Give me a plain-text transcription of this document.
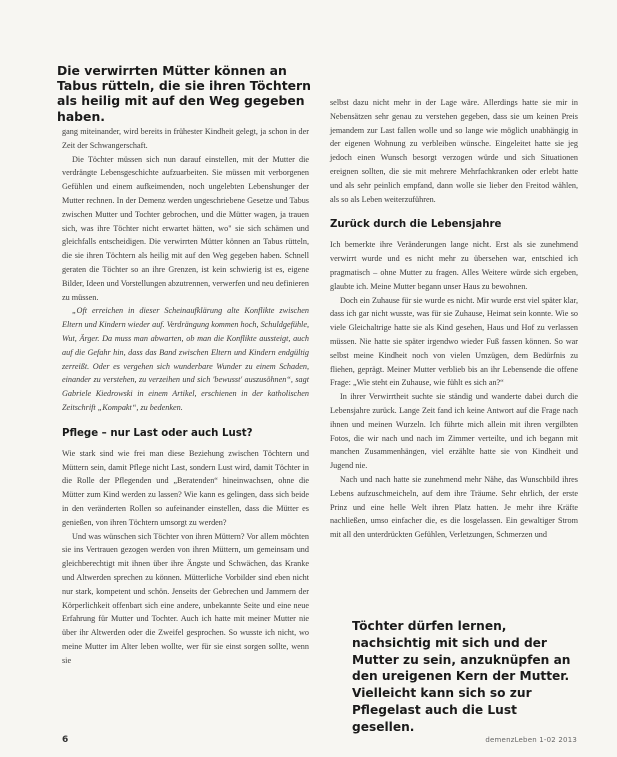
Die verwirrten Mütter können an Tabus rütteln, die sie ihren Töchtern als heilig mit auf den Weg gegeben haben.

gang miteinander, wird bereits in frühester Kindheit gelegt, ja schon in der Zeit der Schwangerschaft.

Die Töchter müssen sich nun darauf einstellen, mit der Mutter die verdrängte Lebensgeschichte aufzuarbeiten. Sie müssen mit verborgenen Gefühlen und einem aufkeimenden, noch ungelebten Lebenshunger der Mutter rechnen. In der Demenz werden ungeschriebene Gesetze und Tabus zwischen Mutter und Tochter gebrochen, und die Mütter wagen, ja trauen sich, was ihre Töchter nicht erwartet hätten, wo" sie sich schämen und gleichfalls entscheidigen. Die verwirrten Mütter können an Tabus rütteln, die sie ihren Töchtern als heilig mit auf den Weg gegeben haben. Schnell geraten die Töchter so an ihre Grenzen, ist kein schwierig ist es, eigene Bilder, Ideen und Vorstellungen abzutrennen, verwerfen und neu definieren zu müssen.

„Oft erreichen in dieser Scheinaufklärung alte Konflikte zwischen Eltern und Kindern wieder auf. Verdrängung kommen hoch, Schuldgefühle, Wut, Ärger. Da muss man abwarten, ob man die Konflikte aussteigt, auch auf die Gefahr hin, dass das Band zwischen Eltern und Kindern endgültig zerreißt. Oder es vergehen sich wunderbare Wunder zu einem Schaden, einander zu verstehen, zu verzeihen und sich 'bewusst' auszusöhnen“, sagt Gabriele Kiedrowski in einem Artikel, erschienen in der katholischen Zeitschrift „Kompakt“, zu bedenken.

Pflege – nur Last oder auch Lust?

Wie stark sind wie frei man diese Beziehung zwischen Töchtern und Müttern sein, damit Pflege nicht Last, sondern Lust wird, damit Töchter in die Rolle der Pflegenden und „Beratenden“ hineinwachsen, ohne die Mütter zum Kind werden zu lassen? Wie kann es gelingen, dass sich beide in den veränderten Rollen so aufeinander einstellen, dass die Mütter es genießen, von ihren Töchtern umsorgt zu werden?

Und was wünschen sich Töchter von ihren Müttern? Vor allem möchten sie ins Vertrauen gezogen werden von ihren Müttern, um gemeinsam und gleichberechtigt mit ihnen über ihre Ängste und Schwächen, das Kranke und Altwerden sprechen zu können. Mütterliche Vorbilder sind eben nicht nur stark, kompetent und schön. Jenseits der Gebrechen und Jammern der Körperlichkeit offenbart sich eine andere, unbekannte Seite und eine neue Erfahrung für Mutter und Tochter. Auch ich hatte mit meiner Mutter nie über ihr Altwerden oder die Zweifel gesprochen. So wusste ich nicht, wo meine Mutter im Alter leben wollte, wer für sie einst sorgen sollte, wenn sie

selbst dazu nicht mehr in der Lage wäre. Allerdings hatte sie mir in Nebensätzen sehr genau zu verstehen gegeben, dass sie um keinen Preis jemandem zur Last fallen wolle und so lange wie möglich unabhängig in der eigenen Wohnung zu verbleiben wünsche. Eingeleitet hatte sie jeg jedoch einen Wunsch besorgt verzogen würde und sich Situationen ereignen sollten, die sie mit mehrere Mehrfachkranken oder erlebt hatte und als sehr peinlich empfand, dann wolle sie lieber den Freitod wählen, als so als Leben weiterzuführen.

Zurück durch die Lebensjahre

Ich bemerkte ihre Veränderungen lange nicht. Erst als sie zunehmend verwirrt wurde und es nicht mehr zu übersehen war, entschied ich pragmatisch – ohne Mutter zu fragen. Alles Weitere würde sich ergeben, glaubte ich. Meine Mutter begann unser Haus zu bewohnen.

Doch ein Zuhause für sie wurde es nicht. Mir wurde erst viel später klar, dass ich gar nicht wusste, was für sie Zuhause, Heimat sein konnte. Wie so viele Gleichaltrige hatte sie als Kind gesehen, Haus und Hof zu verlassen müssen. Nie hatte sie später irgendwo wieder Fuß fassen können. So war selbst meine Kindheit noch von vielen Umzügen, dem Bedürfnis zu fliehen, geprägt. Meiner Mutter verblieb bis an ihr Lebensende die offene Frage: „Wie steht ein Zuhause, wie fühlt es sich an?“

In ihrer Verwirrtheit suchte sie ständig und wanderte dabei durch die Lebensjahre zurück. Lange Zeit fand ich keine Antwort auf die Frage nach ihnen und meinen Wurzeln. Ich führte mich allein mit ihren vergilbten Fotos, die wir nach und nach im Zimmer verteilte, und ich begann mit manchen Zusammenhängen, viel erzählte hatte sie von Kindheit und Jugend nie.

Nach und nach hatte sie zunehmend mehr Nähe, das Wunschbild ihres Lebens aufzuschmeicheln, auf dem ihre Träume. Sehr ehrlich, der erste Prinz und eine helle Welt ihren Platz hatten. Je mehr ihre Kräfte nachließen, umso einfacher die, es die losgelassen. Ein gewaltiger Strom mit all den unterdrückten Gefühlen, Verletzungen, Schmerzen und

Töchter dürfen lernen, nachsichtig mit sich und der Mutter zu sein, anzuknüpfen an den ureigenen Kern der Mutter. Vielleicht kann sich so zur Pflegelast auch die Lust gesellen.
6	demenzLeben 1-02 2013
